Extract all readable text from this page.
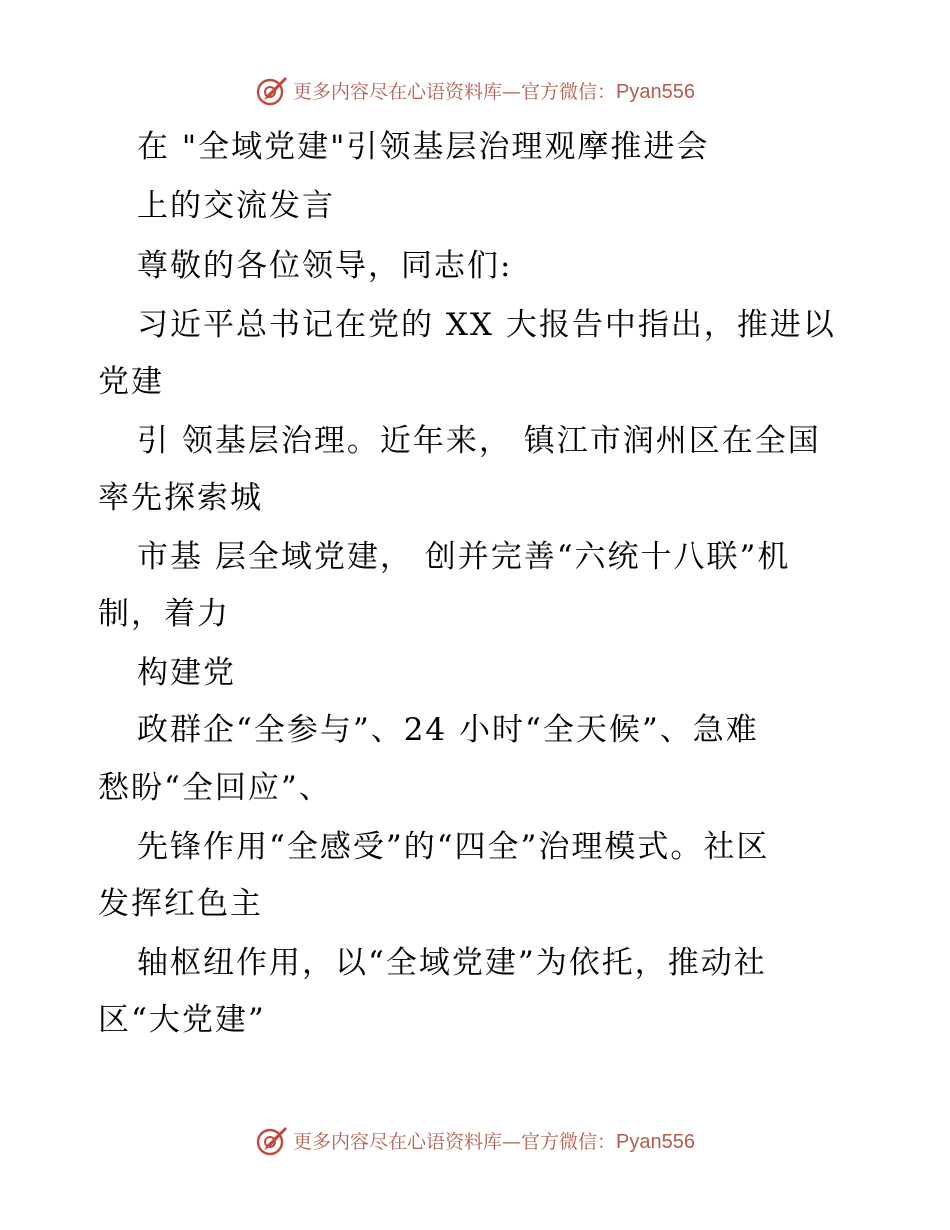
更多内容尽在心语资料库—官方微信：Pyan556
在 "全域党建"引领基层治理观摩推进会
上的交流发言
尊敬的各位领导，同志们:
习近平总书记在党的 XX 大报告中指出，推进以
党建
引 领基层治理。近年来， 镇江市润州区在全国
率先探索城
市基 层全域党建， 创并完善“六统十八联”机
制，着力
构建党
政群企“全参与”、24 小时“全天候”、急难
愁盼“全回应”、
先锋作用“全感受”的“四全”治理模式。社区
发挥红色主
轴枢纽作用，以“全域党建”为依托，推动社
区“大党建”
更多内容尽在心语资料库—官方微信：Pyan556
